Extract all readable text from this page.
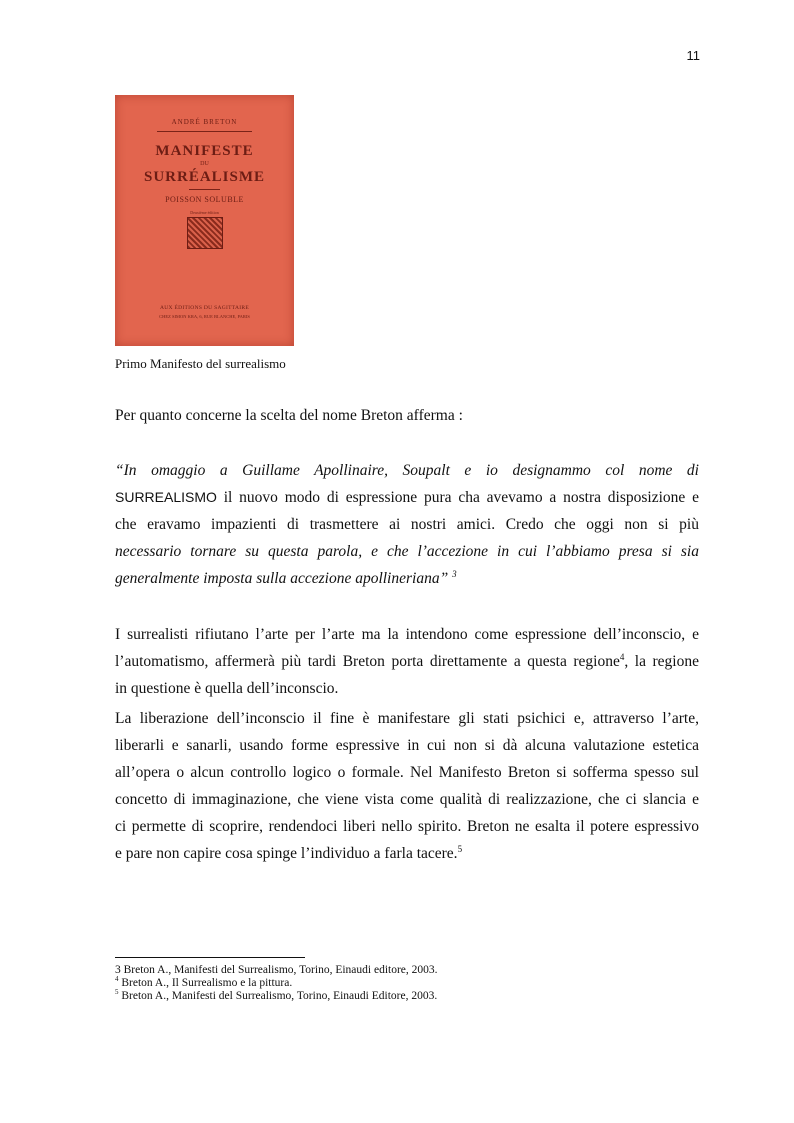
11
ANDRÉ BRETON
MANIFESTE
DU
SURRÉALISME
POISSON SOLUBLE
Deuxième édition
AUX ÉDITIONS DU SAGITTAIRE
CHEZ SIMON KRA, 6, RUE BLANCHE, PARIS
Primo Manifesto del surrealismo

Per quanto concerne la scelta del nome Breton afferma :

“In omaggio a Guillame Apollinaire, Soupalt e io designammo col nome di
SURREALISMO il nuovo modo di espressione pura cha avevamo a nostra disposizione e
che eravamo impazienti di trasmettere ai nostri amici. Credo che oggi non si più
necessario tornare su questa parola, e che l’accezione in cui l’abbiamo presa si sia
generalmente imposta sulla accezione apollineriana” $^3$

I surrealisti rifiutano l’arte per l’arte ma la intendono come espressione dell’inconscio, e
l’automatismo, affermerà più tardi Breton porta direttamente a questa regione$^4$, la regione
in questione è quella dell’inconscio.

La liberazione dell’inconscio il fine è manifestare gli stati psichici e, attraverso l’arte,
liberarli e sanarli, usando forme espressive in cui non si dà alcuna valutazione estetica
all’opera o alcun controllo logico o formale. Nel Manifesto Breton si sofferma spesso sul
concetto di immaginazione, che viene vista come qualità di realizzazione, che ci slancia e
ci permette di scoprire, rendendoci liberi nello spirito. Breton ne esalta il potere espressivo
e pare non capire cosa spinge l’individuo a farla tacere.$^5$

3 Breton A., Manifesti del Surrealismo, Torino, Einaudi editore, 2003.
$^4$ Breton A., Il Surrealismo e la pittura.
$^5$ Breton A., Manifesti del Surrealismo, Torino, Einaudi Editore, 2003.
